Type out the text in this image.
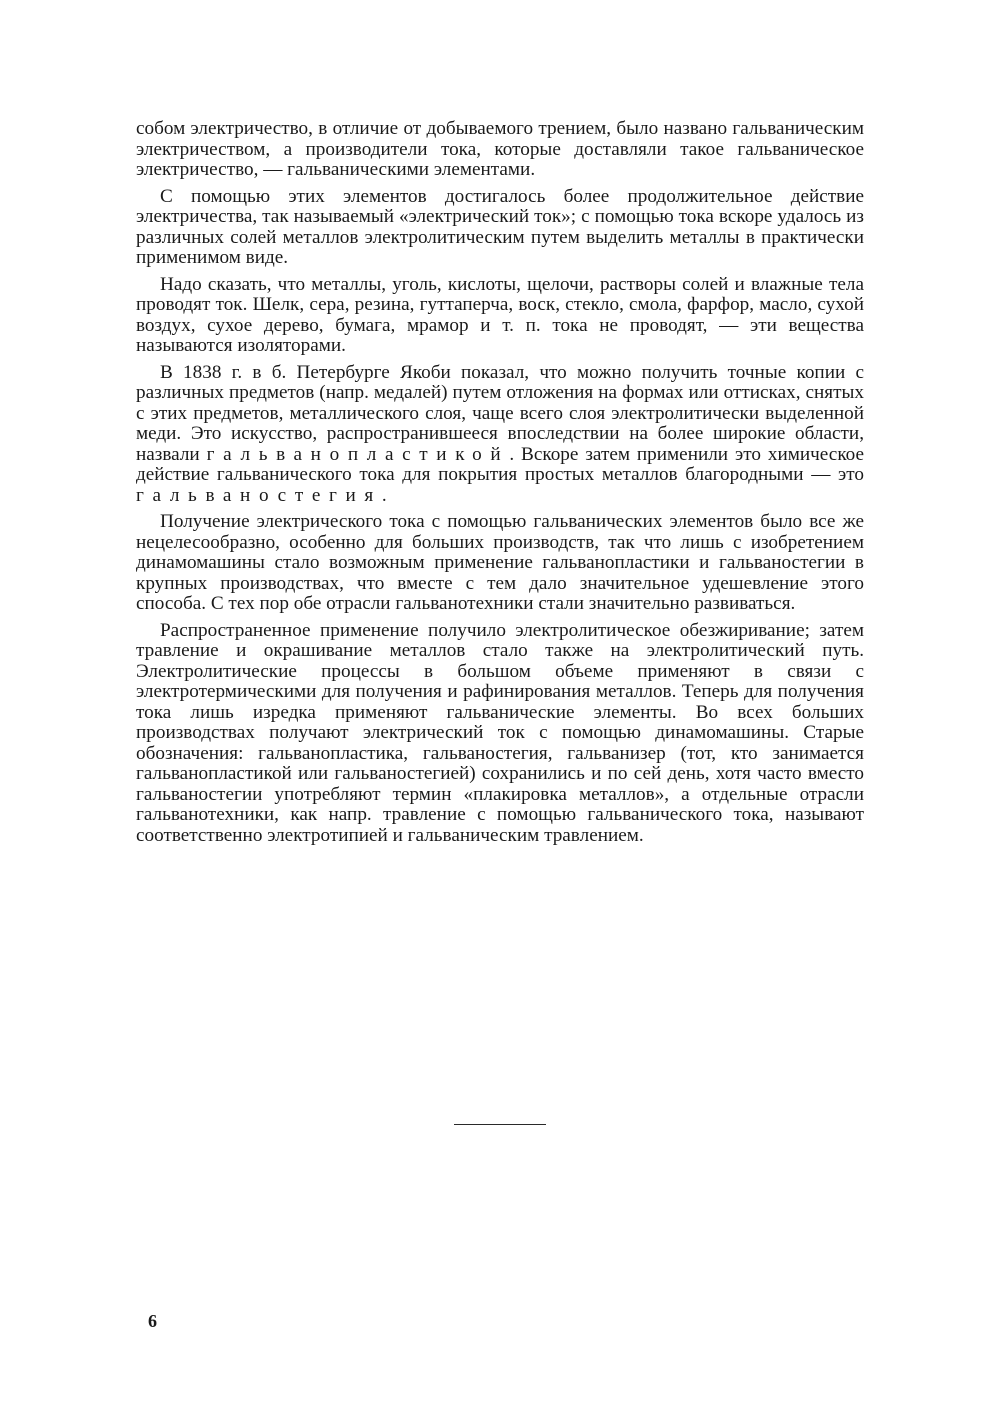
собом электричество, в отличие от добываемого трением, было названо гальваническим электричеством, а производители тока, которые доставляли такое гальваническое электричество, — гальваническими элементами.

С помощью этих элементов достигалось более продолжительное действие электричества, так называемый «электрический ток»; с помощью тока вскоре удалось из различных солей металлов электролитическим путем выделить металлы в практически применимом виде.

Надо сказать, что металлы, уголь, кислоты, щелочи, растворы солей и влажные тела проводят ток. Шелк, сера, резина, гуттаперча, воск, стекло, смола, фарфор, масло, сухой воздух, сухое дерево, бумага, мрамор и т. п. тока не проводят, — эти вещества называются изоляторами.

В 1838 г. в б. Петербурге Якоби показал, что можно получить точные копии с различных предметов (напр. медалей) путем отложения на формах или оттисках, снятых с этих предметов, металлического слоя, чаще всего слоя электролитически выделенной меди. Это искусство, распространившееся впоследствии на более широкие области, назвали гальванопластикой. Вскоре затем применили это химическое действие гальванического тока для покрытия простых металлов благородными — это гальваностегия.

Получение электрического тока с помощью гальванических элементов было все же нецелесообразно, особенно для больших производств, так что лишь с изобретением динамомашины стало возможным применение гальванопластики и гальваностегии в крупных производствах, что вместе с тем дало значительное удешевление этого способа. С тех пор обе отрасли гальванотехники стали значительно развиваться.

Распространенное применение получило электролитическое обезжиривание; затем травление и окрашивание металлов стало также на электролитический путь. Электролитические процессы в большом объеме применяют в связи с электротермическими для получения и рафинирования металлов. Теперь для получения тока лишь изредка применяют гальванические элементы. Во всех больших производствах получают электрический ток с помощью динамомашины. Старые обозначения: гальванопластика, гальваностегия, гальванизер (тот, кто занимается гальванопластикой или гальваностегией) сохранились и по сей день, хотя часто вместо гальваностегии употребляют термин «плакировка металлов», а отдельные отрасли гальванотехники, как напр. травление с помощью гальванического тока, называют соответственно электротипией и гальваническим травлением.

6
